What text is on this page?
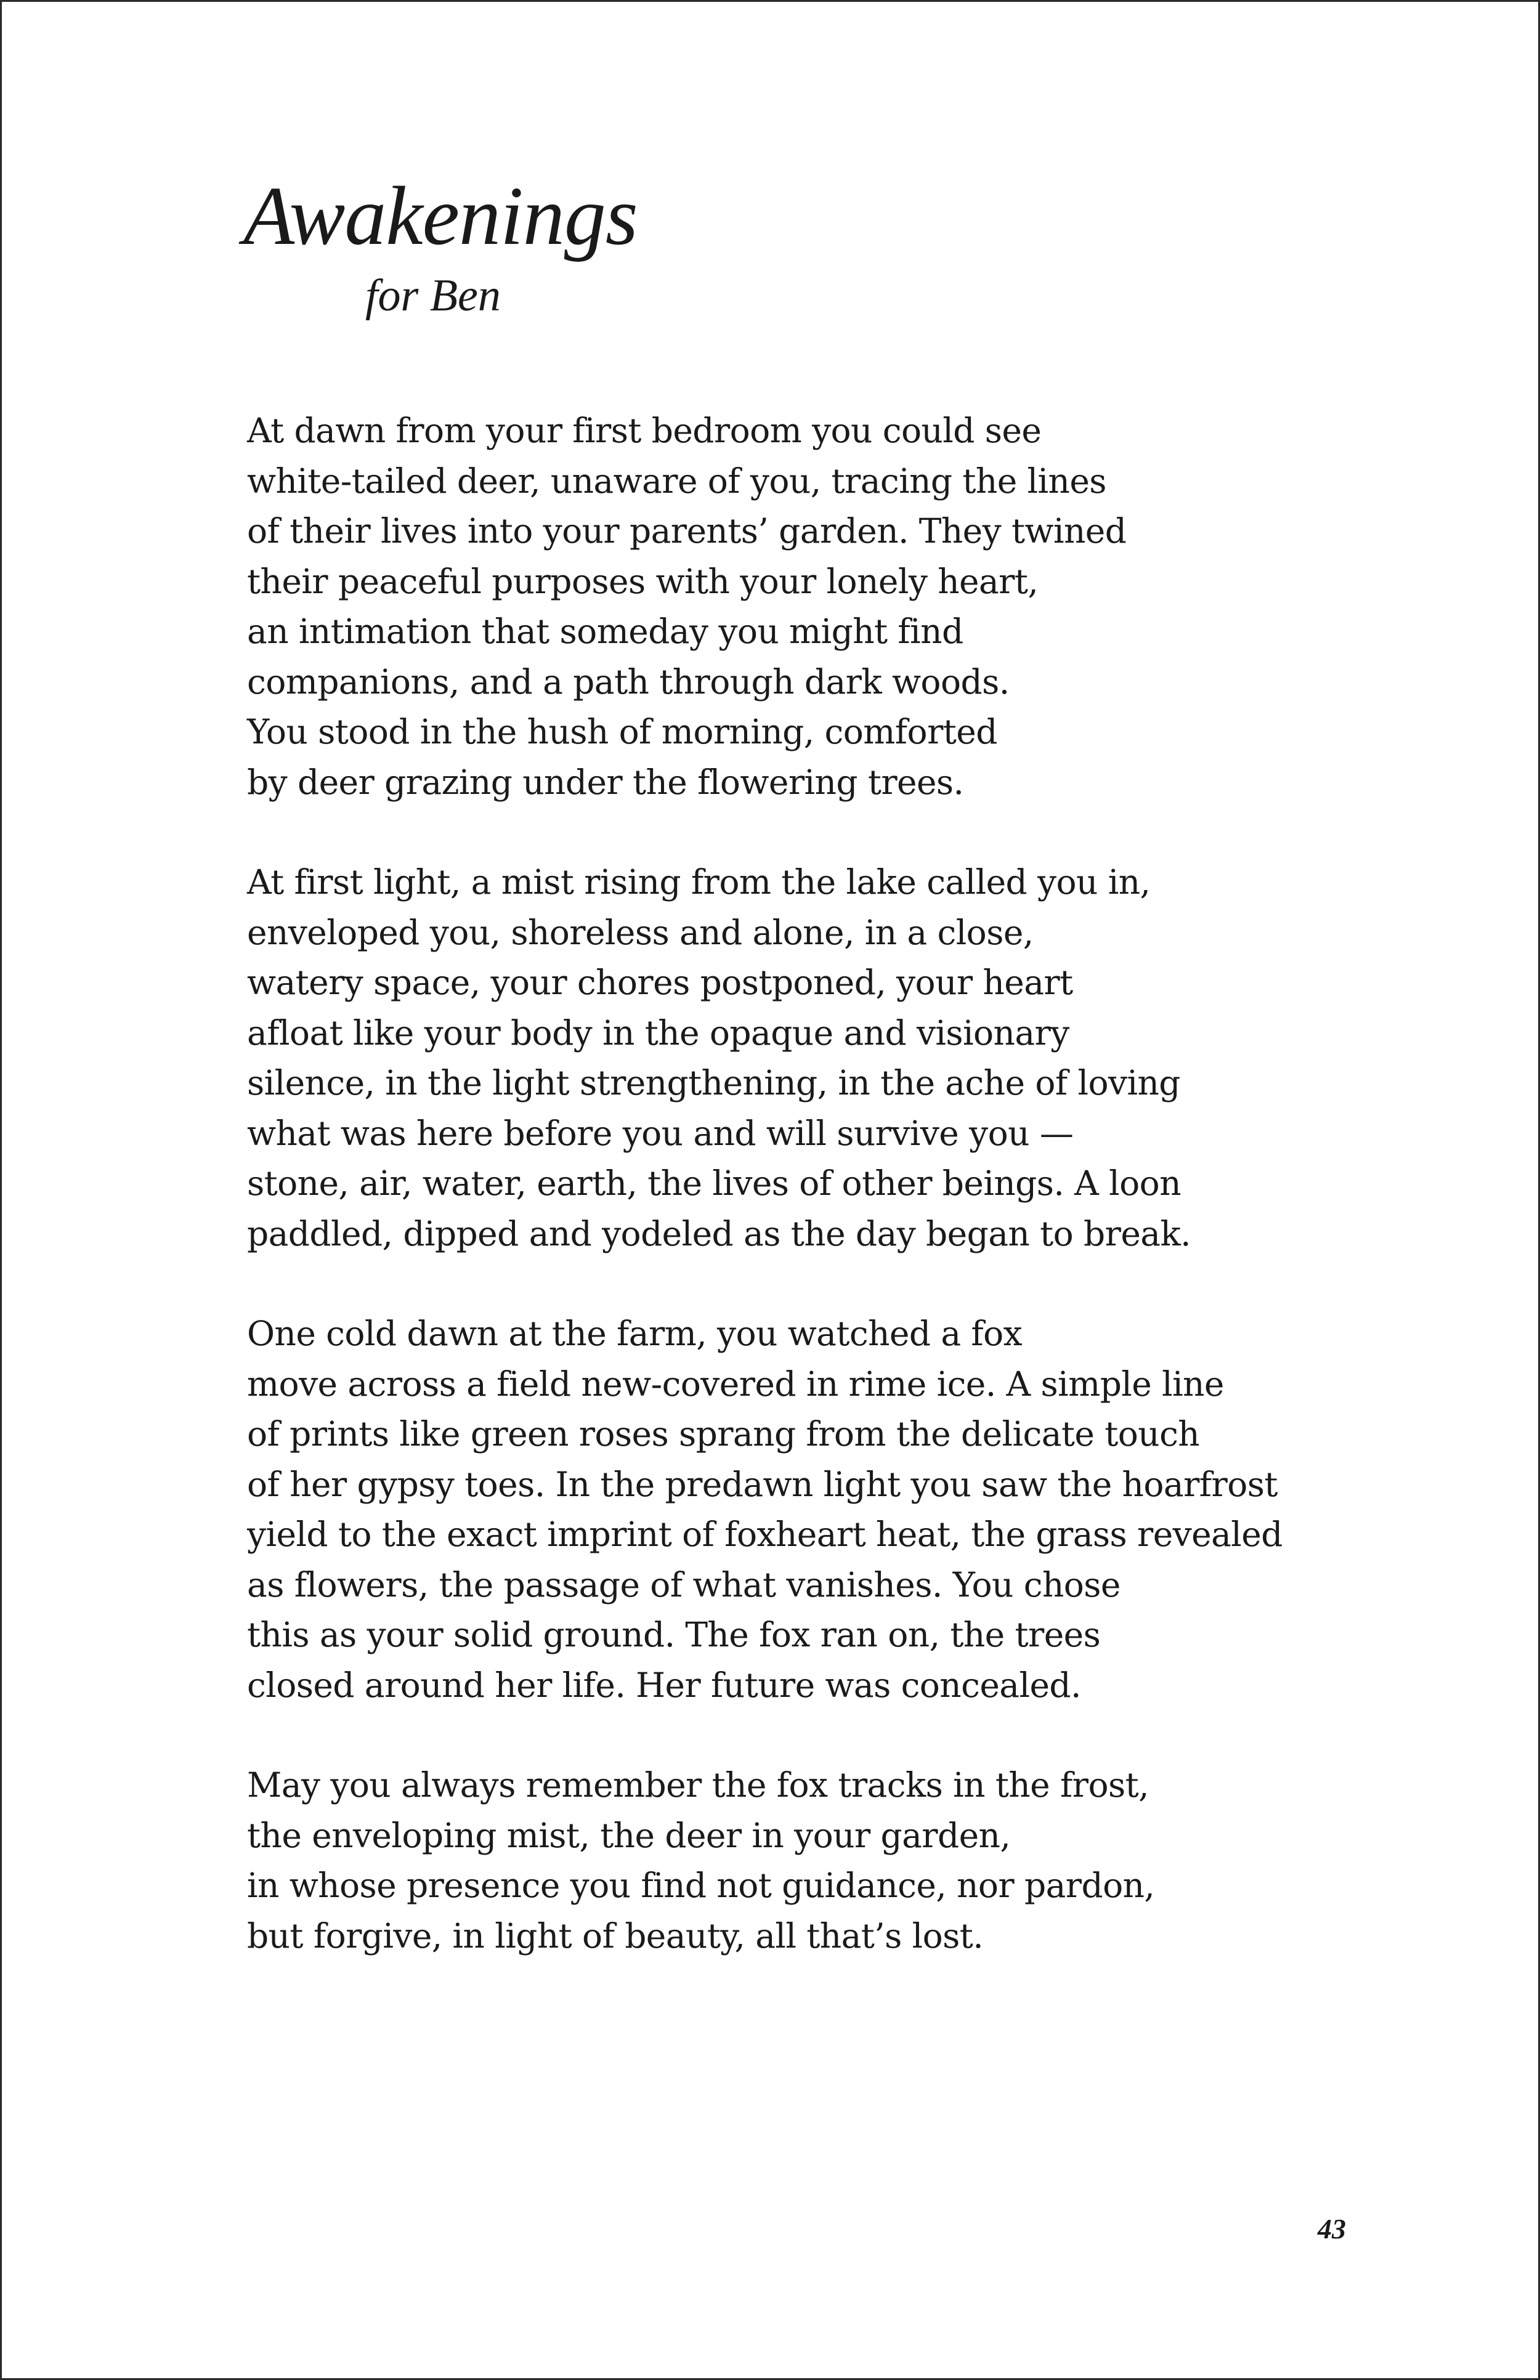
Awakenings
for Ben

At dawn from your first bedroom you could see
white-tailed deer, unaware of you, tracing the lines
of their lives into your parents’ garden. They twined
their peaceful purposes with your lonely heart,
an intimation that someday you might find
companions, and a path through dark woods.
You stood in the hush of morning, comforted
by deer grazing under the flowering trees.

At first light, a mist rising from the lake called you in,
enveloped you, shoreless and alone, in a close,
watery space, your chores postponed, your heart
afloat like your body in the opaque and visionary
silence, in the light strengthening, in the ache of loving
what was here before you and will survive you —
stone, air, water, earth, the lives of other beings. A loon
paddled, dipped and yodeled as the day began to break.

One cold dawn at the farm, you watched a fox
move across a field new-covered in rime ice. A simple line
of prints like green roses sprang from the delicate touch
of her gypsy toes. In the predawn light you saw the hoarfrost
yield to the exact imprint of foxheart heat, the grass revealed
as flowers, the passage of what vanishes. You chose
this as your solid ground. The fox ran on, the trees
closed around her life. Her future was concealed.

May you always remember the fox tracks in the frost,
the enveloping mist, the deer in your garden,
in whose presence you find not guidance, nor pardon,
but forgive, in light of beauty, all that’s lost.

43
